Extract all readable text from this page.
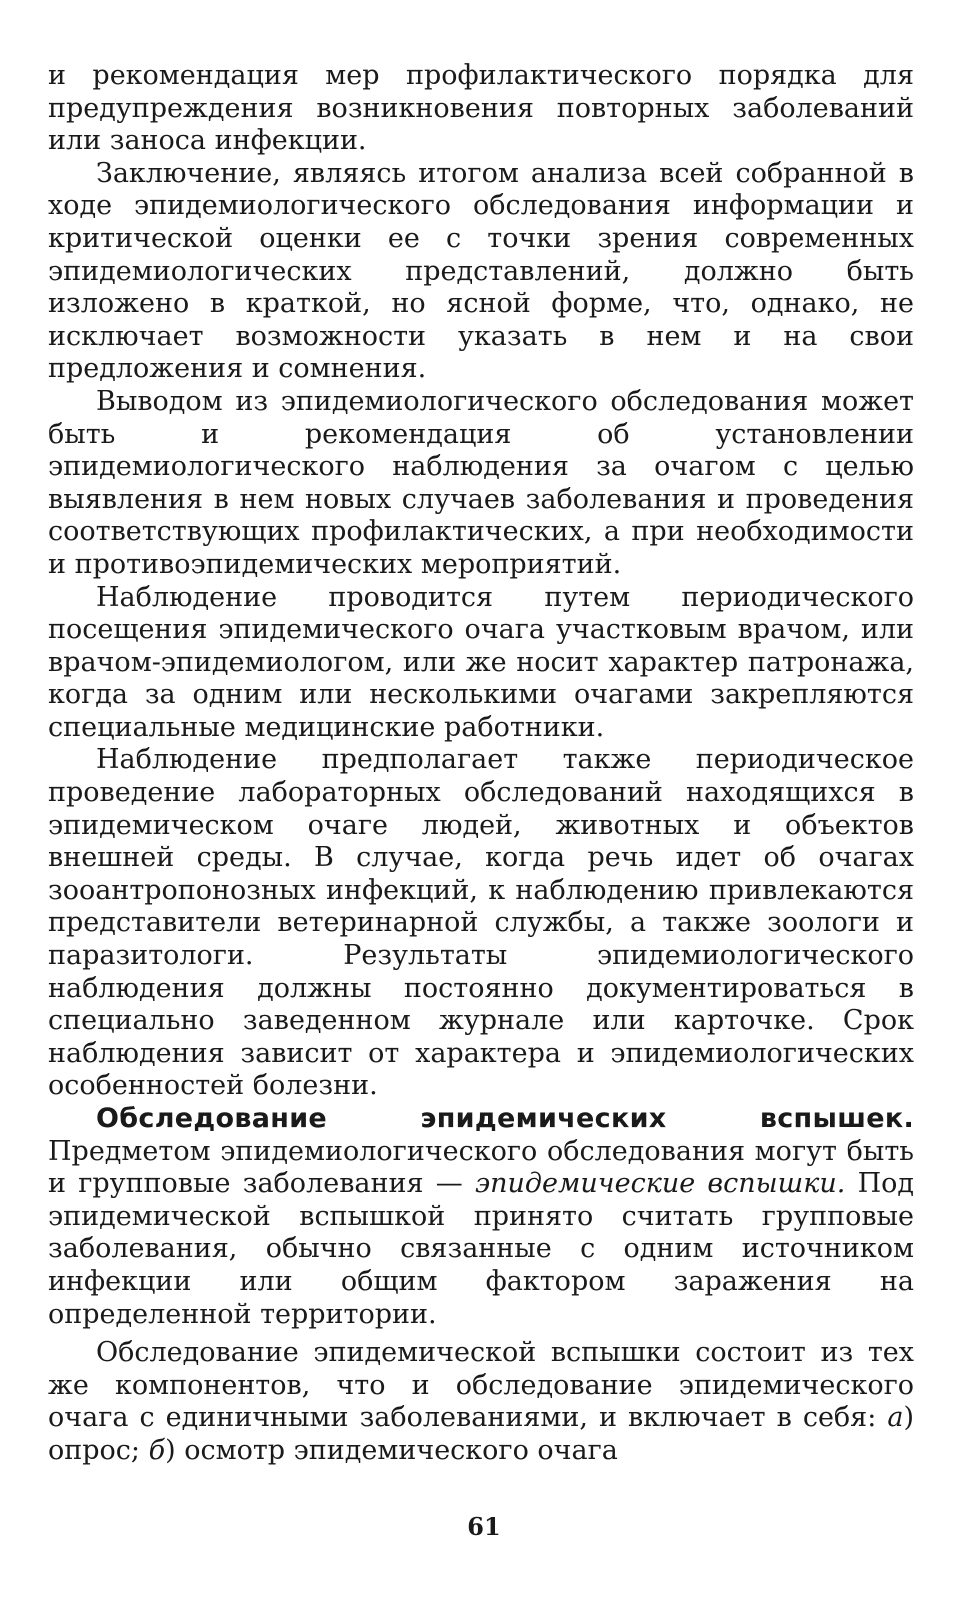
и рекомендация мер профилактического порядка для предупреждения возникновения повторных заболеваний или заноса инфекции.

Заключение, являясь итогом анализа всей собранной в ходе эпидемиологического обследования информации и критической оценки ее с точки зрения современных эпидемиологических представлений, должно быть изложено в краткой, но ясной форме, что, однако, не исключает возможности указать в нем и на свои предложения и сомнения.

Выводом из эпидемиологического обследования может быть и рекомендация об установлении эпидемиологического наблюдения за очагом с целью выявления в нем новых случаев заболевания и проведения соответствующих профилактических, а при необходимости и противоэпидемических мероприятий.

Наблюдение проводится путем периодического посещения эпидемического очага участковым врачом, или врачом-эпидемиологом, или же носит характер патронажа, когда за одним или несколькими очагами закрепляются специальные медицинские работники.

Наблюдение предполагает также периодическое проведение лабораторных обследований находящихся в эпидемическом очаге людей, животных и объектов внешней среды. В случае, когда речь идет об очагах зооантропонозных инфекций, к наблюдению привлекаются представители ветеринарной службы, а также зоологи и паразитологи. Результаты эпидемиологического наблюдения должны постоянно документироваться в специально заведенном журнале или карточке. Срок наблюдения зависит от характера и эпидемиологических особенностей болезни.

Обследование эпидемических вспышек. Предметом эпидемиологического обследования могут быть и групповые заболевания — эпидемические вспышки. Под эпидемической вспышкой принято считать групповые заболевания, обычно связанные с одним источником инфекции или общим фактором заражения на определенной территории.

Обследование эпидемической вспышки состоит из тех же компонентов, что и обследование эпидемического очага с единичными заболеваниями, и включает в себя: а) опрос; б) осмотр эпидемического очага

61
